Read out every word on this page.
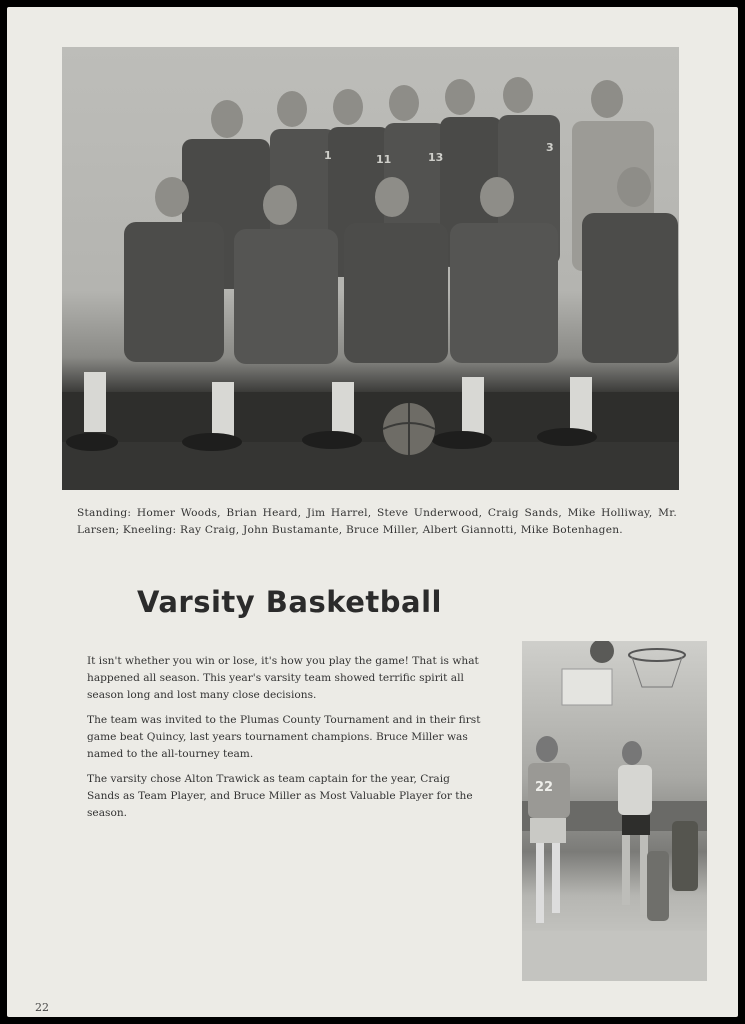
1	11	13
3
Standing: Homer Woods, Brian Heard, Jim Harrel, Steve Underwood, Craig Sands, Mike Holliway, Mr. Larsen; Kneeling: Ray Craig, John Bustamante, Bruce Miller, Albert Giannotti, Mike Botenhagen.
Varsity Basketball

It isn't whether you win or lose, it's how you play the game! That is what happened all season. This year's varsity team showed terrific spirit all season long and lost many close decisions.

The team was invited to the Plumas County Tournament and in their first game beat Quincy, last years tournament champions. Bruce Miller was named to the all-tourney team.

The varsity chose Alton Trawick as team captain for the year, Craig Sands as Team Player, and Bruce Miller as Most Valuable Player for the season.

22
22
